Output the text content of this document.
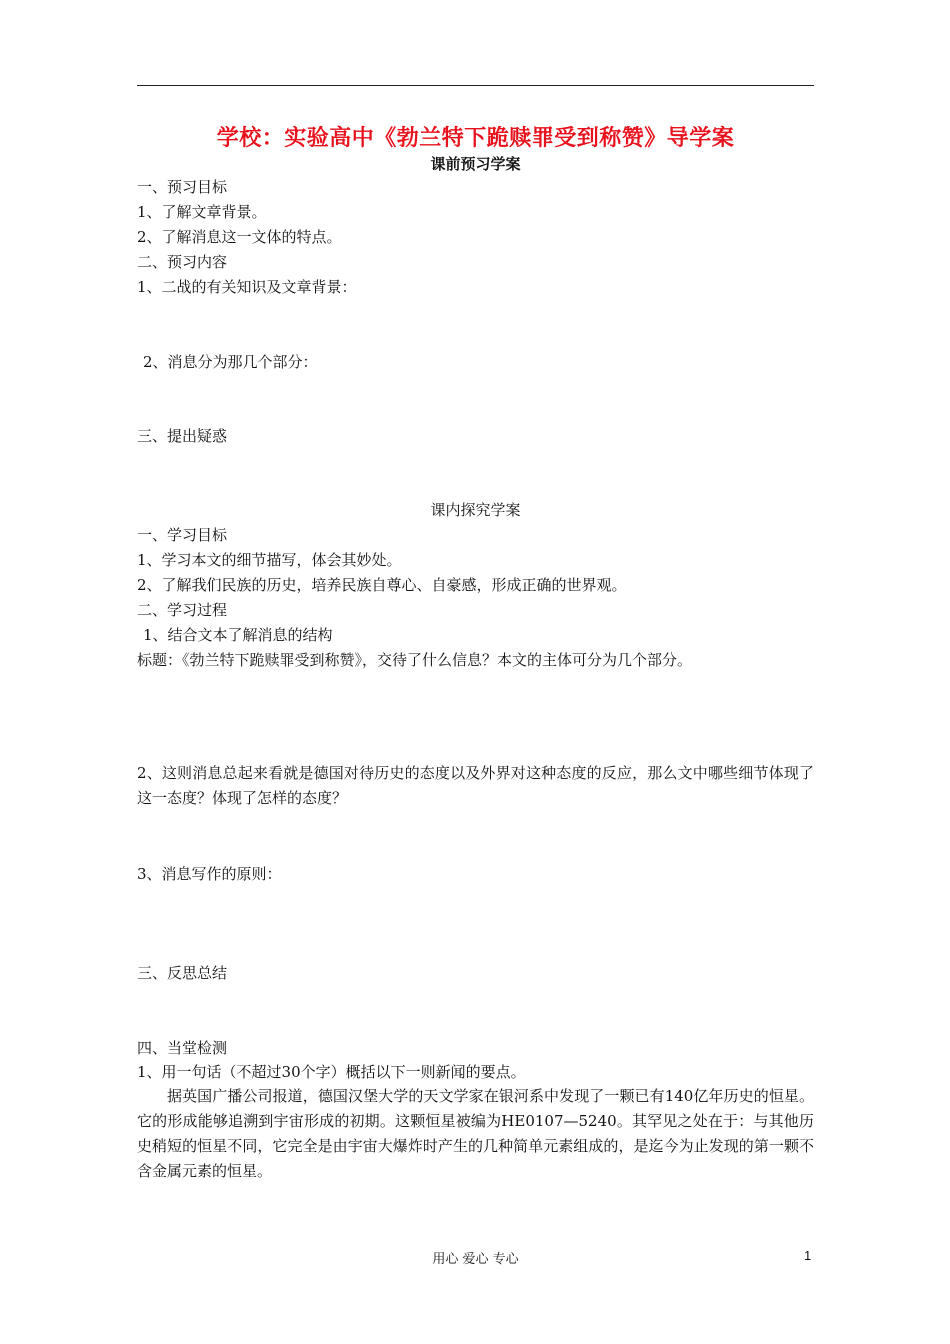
学校：实验高中《勃兰特下跪赎罪受到称赞》导学案
课前预习学案
一、预习目标
1、了解文章背景。
2、了解消息这一文体的特点。
二、预习内容
1、二战的有关知识及文章背景：
2、消息分为那几个部分：
三、提出疑惑
课内探究学案
一、学习目标
1、学习本文的细节描写，体会其妙处。
2、了解我们民族的历史，培养民族自尊心、自豪感，形成正确的世界观。
二、学习过程
1、结合文本了解消息的结构
标题：《勃兰特下跪赎罪受到称赞》，交待了什么信息？本文的主体可分为几个部分。
2、这则消息总起来看就是德国对待历史的态度以及外界对这种态度的反应，那么文中哪些细节体现了这一态度？体现了怎样的态度？
3、消息写作的原则：
三、反思总结
四、当堂检测
1、用一句话（不超过30个字）概括以下一则新闻的要点。
据英国广播公司报道，德国汉堡大学的天文学家在银河系中发现了一颗已有140亿年历史的恒星。它的形成能够追溯到宇宙形成的初期。这颗恒星被编为HE0107—5240。其罕见之处在于：与其他历史稍短的恒星不同，它完全是由宇宙大爆炸时产生的几种简单元素组成的，是迄今为止发现的第一颗不含金属元素的恒星。
用心 爱心 专心	1
